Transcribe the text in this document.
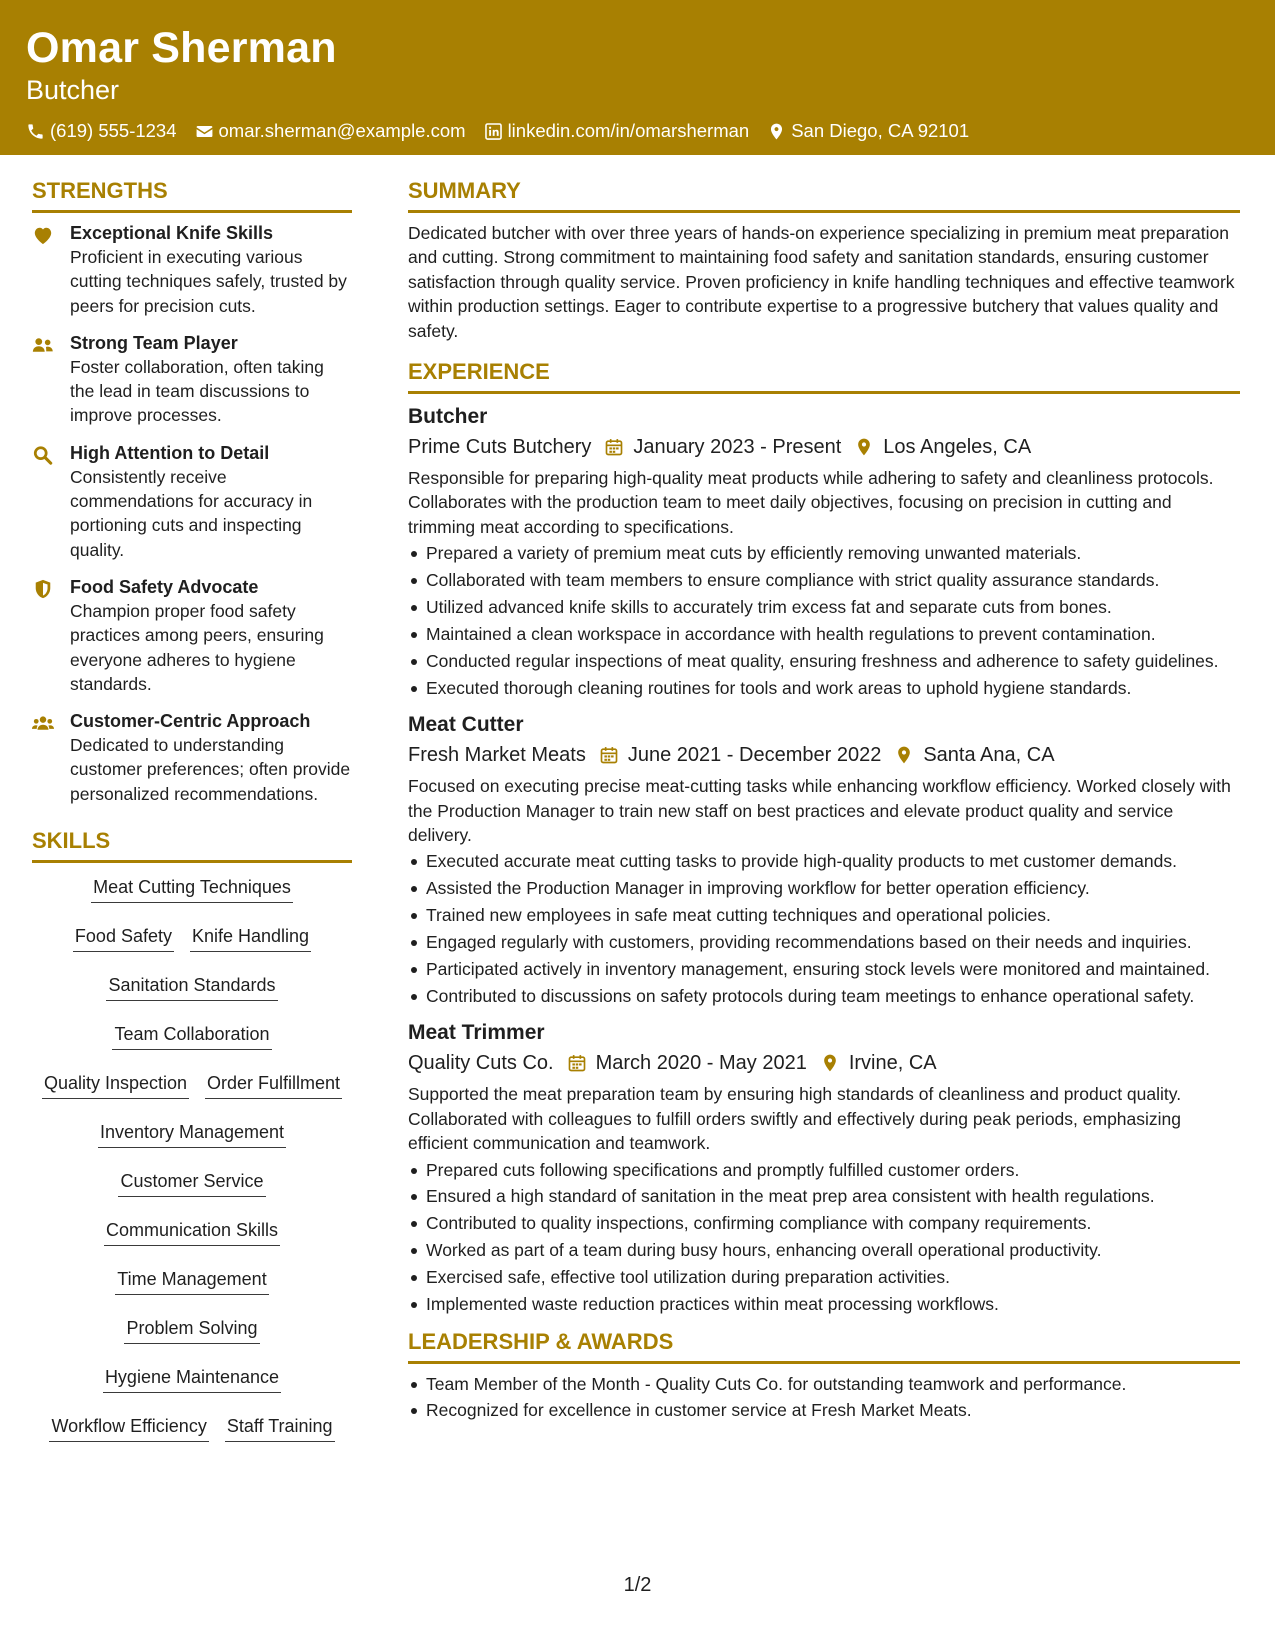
Omar Sherman
Butcher
(619) 555-1234 omar.sherman@example.com linkedin.com/in/omarsherman San Diego, CA 92101
STRENGTHS
Exceptional Knife Skills
Proficient in executing various cutting techniques safely, trusted by peers for precision cuts.
Strong Team Player
Foster collaboration, often taking the lead in team discussions to improve processes.
High Attention to Detail
Consistently receive commendations for accuracy in portioning cuts and inspecting quality.
Food Safety Advocate
Champion proper food safety practices among peers, ensuring everyone adheres to hygiene standards.
Customer-Centric Approach
Dedicated to understanding customer preferences; often provide personalized recommendations.
SKILLS
Meat Cutting Techniques
Food Safety Knife Handling
Sanitation Standards
Team Collaboration
Quality Inspection Order Fulfillment
Inventory Management
Customer Service
Communication Skills
Time Management
Problem Solving
Hygiene Maintenance
Workflow Efficiency Staff Training
SUMMARY
Dedicated butcher with over three years of hands-on experience specializing in premium meat preparation and cutting. Strong commitment to maintaining food safety and sanitation standards, ensuring customer satisfaction through quality service. Proven proficiency in knife handling techniques and effective teamwork within production settings. Eager to contribute expertise to a progressive butchery that values quality and safety.
EXPERIENCE
Butcher
Prime Cuts Butchery January 2023 - Present Los Angeles, CA
Responsible for preparing high-quality meat products while adhering to safety and cleanliness protocols. Collaborates with the production team to meet daily objectives, focusing on precision in cutting and trimming meat according to specifications.
Prepared a variety of premium meat cuts by efficiently removing unwanted materials.
Collaborated with team members to ensure compliance with strict quality assurance standards.
Utilized advanced knife skills to accurately trim excess fat and separate cuts from bones.
Maintained a clean workspace in accordance with health regulations to prevent contamination.
Conducted regular inspections of meat quality, ensuring freshness and adherence to safety guidelines.
Executed thorough cleaning routines for tools and work areas to uphold hygiene standards.
Meat Cutter
Fresh Market Meats June 2021 - December 2022 Santa Ana, CA
Focused on executing precise meat-cutting tasks while enhancing workflow efficiency. Worked closely with the Production Manager to train new staff on best practices and elevate product quality and service delivery.
Executed accurate meat cutting tasks to provide high-quality products to met customer demands.
Assisted the Production Manager in improving workflow for better operation efficiency.
Trained new employees in safe meat cutting techniques and operational policies.
Engaged regularly with customers, providing recommendations based on their needs and inquiries.
Participated actively in inventory management, ensuring stock levels were monitored and maintained.
Contributed to discussions on safety protocols during team meetings to enhance operational safety.
Meat Trimmer
Quality Cuts Co. March 2020 - May 2021 Irvine, CA
Supported the meat preparation team by ensuring high standards of cleanliness and product quality. Collaborated with colleagues to fulfill orders swiftly and effectively during peak periods, emphasizing efficient communication and teamwork.
Prepared cuts following specifications and promptly fulfilled customer orders.
Ensured a high standard of sanitation in the meat prep area consistent with health regulations.
Contributed to quality inspections, confirming compliance with company requirements.
Worked as part of a team during busy hours, enhancing overall operational productivity.
Exercised safe, effective tool utilization during preparation activities.
Implemented waste reduction practices within meat processing workflows.
LEADERSHIP & AWARDS
Team Member of the Month - Quality Cuts Co. for outstanding teamwork and performance.
Recognized for excellence in customer service at Fresh Market Meats.
1/2
